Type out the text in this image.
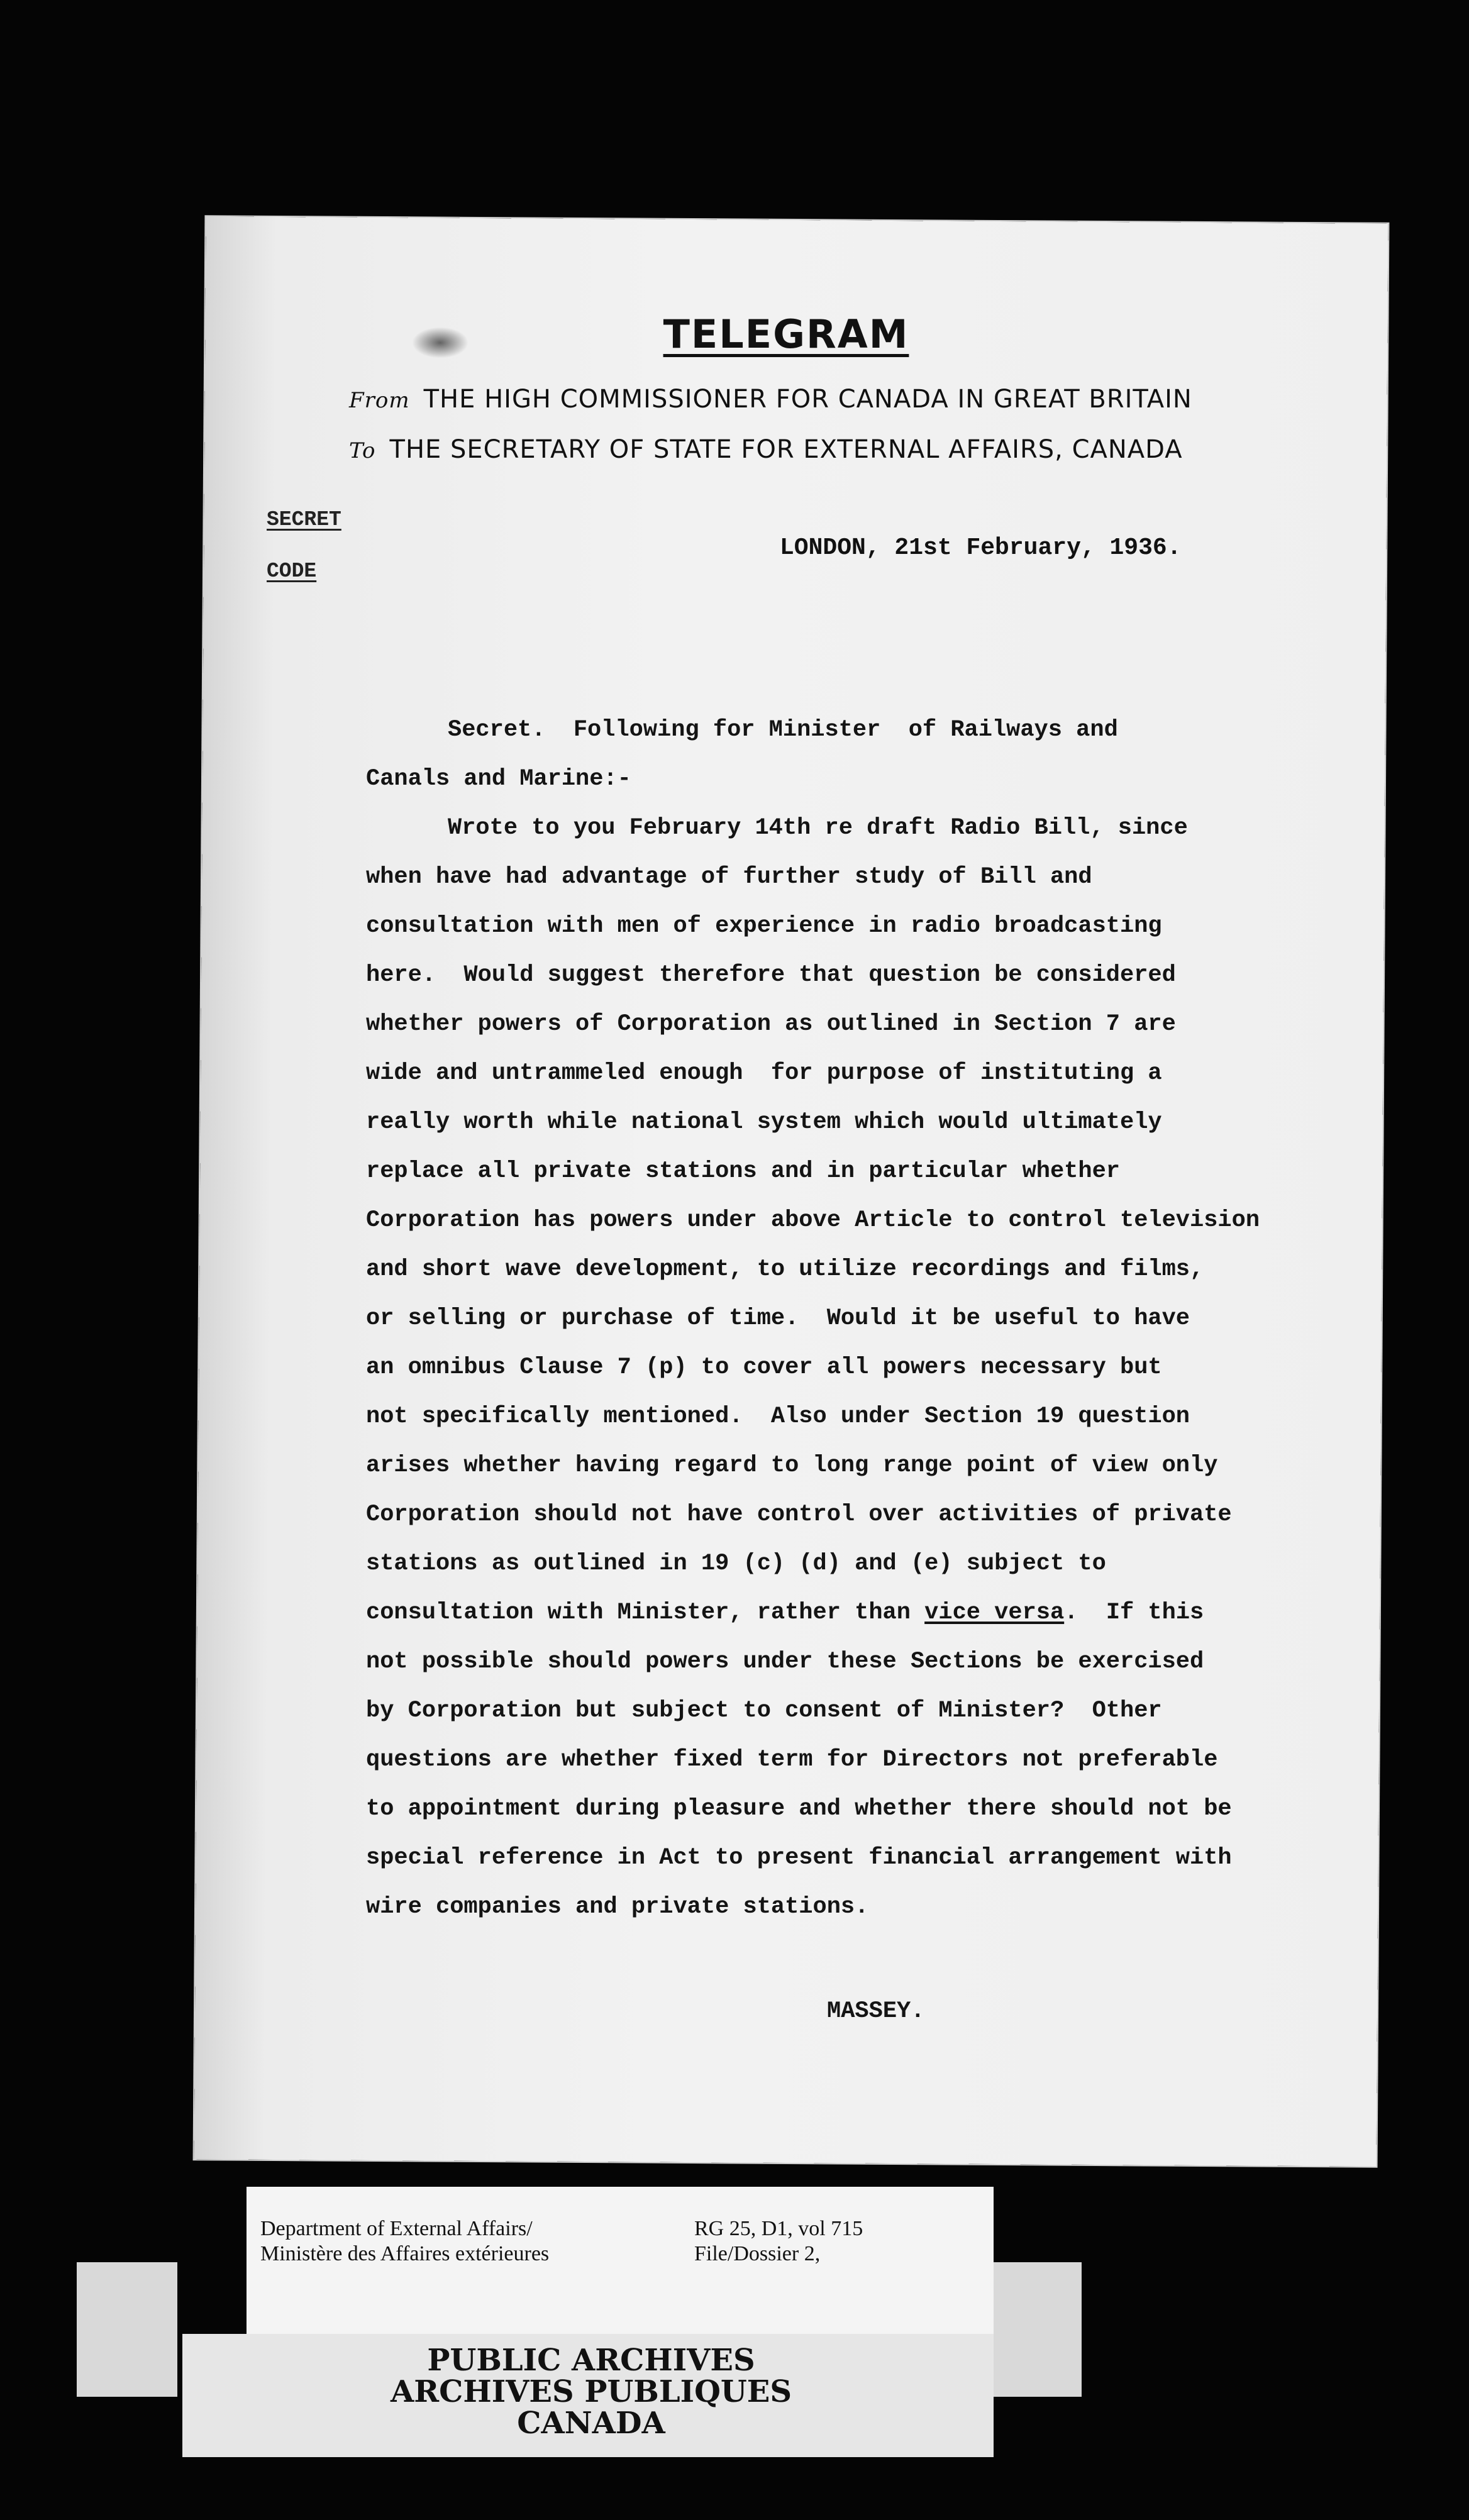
TELEGRAM
From THE HIGH COMMISSIONER FOR CANADA IN GREAT BRITAIN
To THE SECRETARY OF STATE FOR EXTERNAL AFFAIRS, CANADA
SECRET
CODE
LONDON, 21st February, 1936.

Secret.  Following for Minister  of Railways and

Canals and Marine:-

Wrote to you February 14th re draft Radio Bill, since

when have had advantage of further study of Bill and

consultation with men of experience in radio broadcasting

here.  Would suggest therefore that question be considered

whether powers of Corporation as outlined in Section 7 are

wide and untrammeled enough  for purpose of instituting a

really worth while national system which would ultimately

replace all private stations and in particular whether

Corporation has powers under above Article to control television

and short wave development, to utilize recordings and films,

or selling or purchase of time.  Would it be useful to have

an omnibus Clause 7 (p) to cover all powers necessary but

not specifically mentioned.  Also under Section 19 question

arises whether having regard to long range point of view only

Corporation should not have control over activities of private

stations as outlined in 19 (c) (d) and (e) subject to

consultation with Minister, rather than vice versa.  If this

not possible should powers under these Sections be exercised

by Corporation but subject to consent of Minister?  Other

questions are whether fixed term for Directors not preferable

to appointment during pleasure and whether there should not be

special reference in Act to present financial arrangement with

wire companies and private stations.

MASSEY.
Department of External Affairs/
Ministère des Affaires extérieures
RG 25, D1, vol 715
File/Dossier 2,
PUBLIC ARCHIVES
ARCHIVES PUBLIQUES
CANADA
